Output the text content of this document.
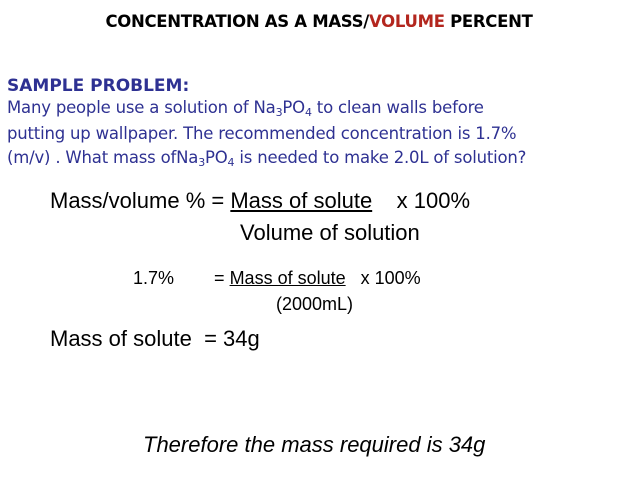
CONCENTRATION AS A MASS/VOLUME PERCENT
SAMPLE PROBLEM:
Many people use a solution of $Na_3PO_4$ to clean walls before
putting up wallpaper. The recommended concentration is 1.7%
(m/v) . What mass $ofNa_3PO_4$ is needed to make 2.0L of solution?
Mass/volume % = Mass of solute    x 100%
Volume of solution
1.7%        = Mass of solute   x 100%
(2000mL)
Mass of solute  = 34g
Therefore the mass required is 34g
